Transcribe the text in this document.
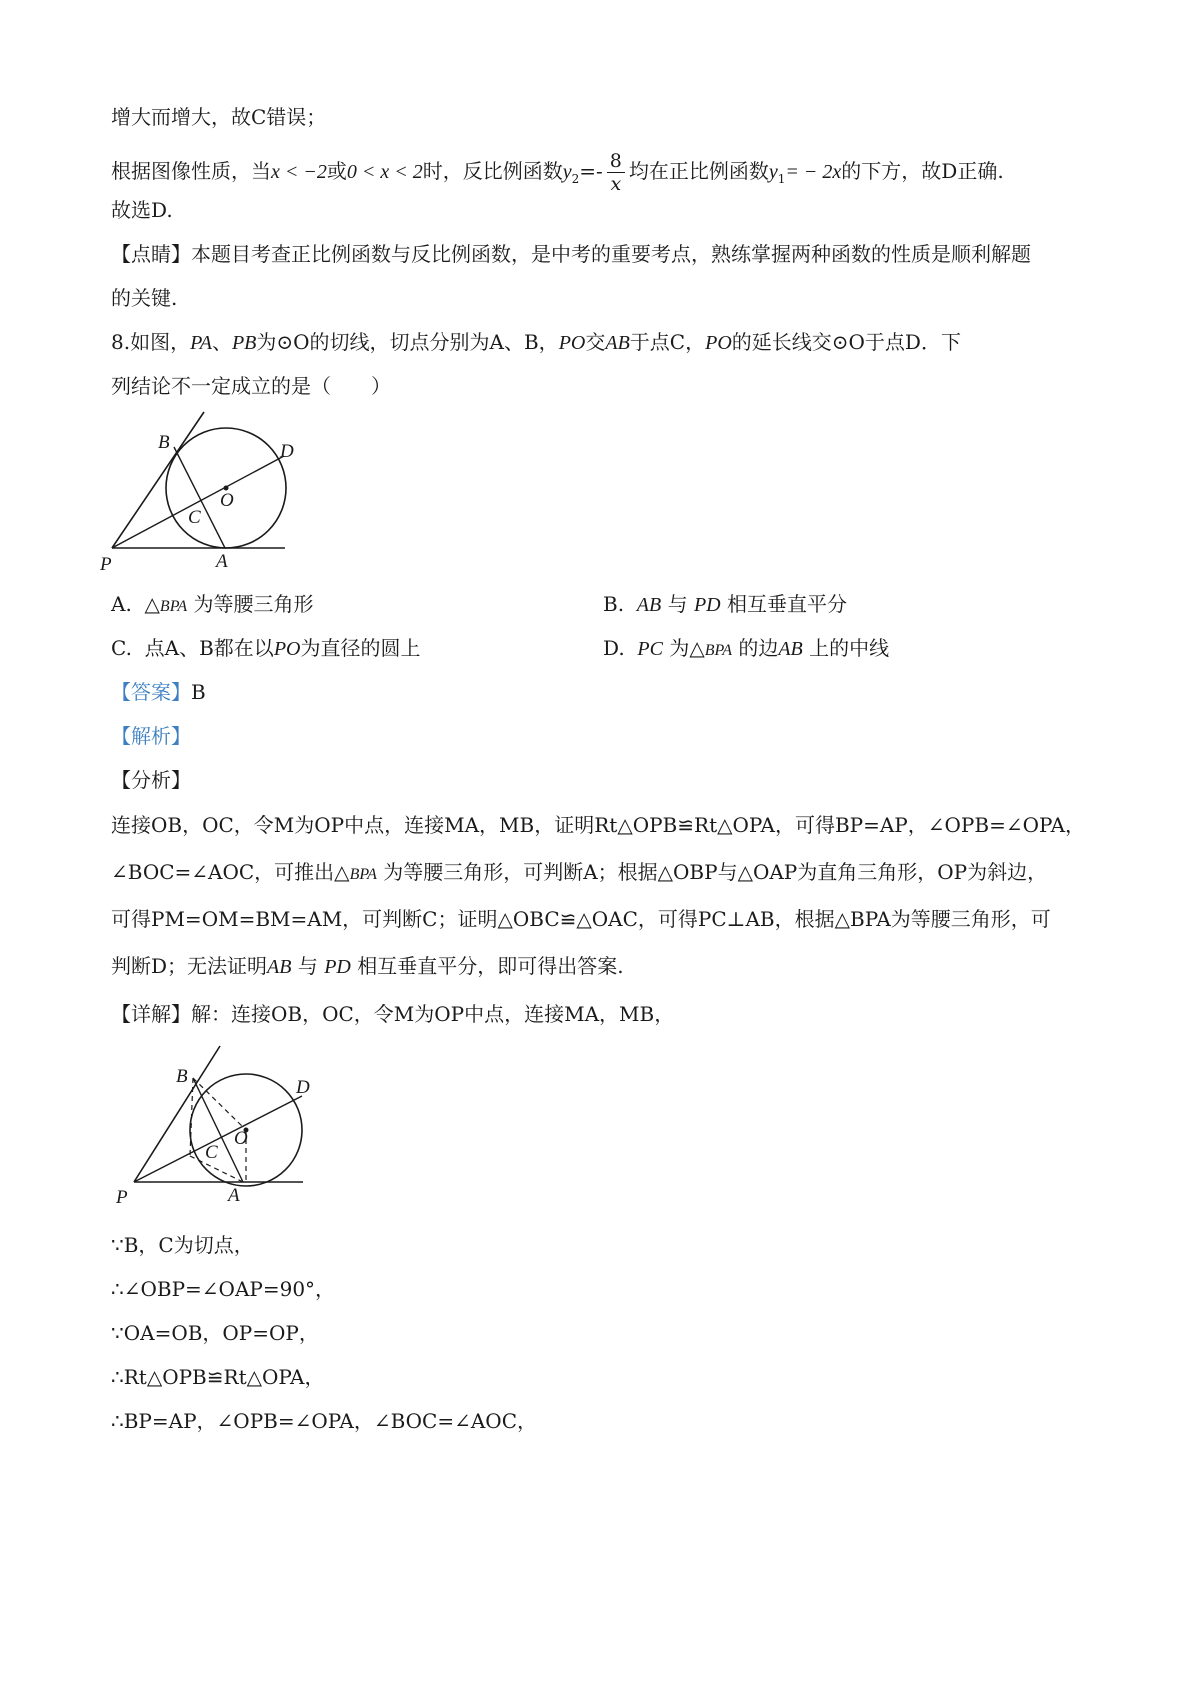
增大而增大，故C错误；
根据图像性质，当x < −2或0 < x < 2时，反比例函数$y_2=- \frac{8}{x}$ 均在正比例函数$y_1= - 2x$的下方，故D正确.
故选D.
【点睛】本题目考查正比例函数与反比例函数，是中考的重要考点，熟练掌握两种函数的性质是顺利解题
的关键.
8.如图，PA、PB为⊙O的切线，切点分别为A、B，PO交AB于点C，PO的延长线交⊙O于点D．下
列结论不一定成立的是（　　）
B	D
O
C
P	A
A. △BPA 为等腰三角形	B. AB 与 PD 相互垂直平分
C. 点A、B都在以PO为直径的圆上	D. PC 为△BPA 的边AB 上的中线
【答案】B
【解析】
【分析】
连接OB，OC，令M为OP中点，连接MA，MB，证明Rt△OPB≌Rt△OPA，可得BP=AP，∠OPB=∠OPA，
∠BOC=∠AOC，可推出△BPA 为等腰三角形，可判断A；根据△OBP与△OAP为直角三角形，OP为斜边，
可得PM=OM=BM=AM，可判断C；证明△OBC≌△OAC，可得PC⊥AB，根据△BPA为等腰三角形，可
判断D；无法证明AB 与 PD 相互垂直平分，即可得出答案.
【详解】解：连接OB，OC，令M为OP中点，连接MA，MB，
B
D
O
C
P	A
∵B，C为切点，
∴∠OBP=∠OAP=90°，
∵OA=OB，OP=OP，
∴Rt△OPB≌Rt△OPA，
∴BP=AP，∠OPB=∠OPA，∠BOC=∠AOC，
